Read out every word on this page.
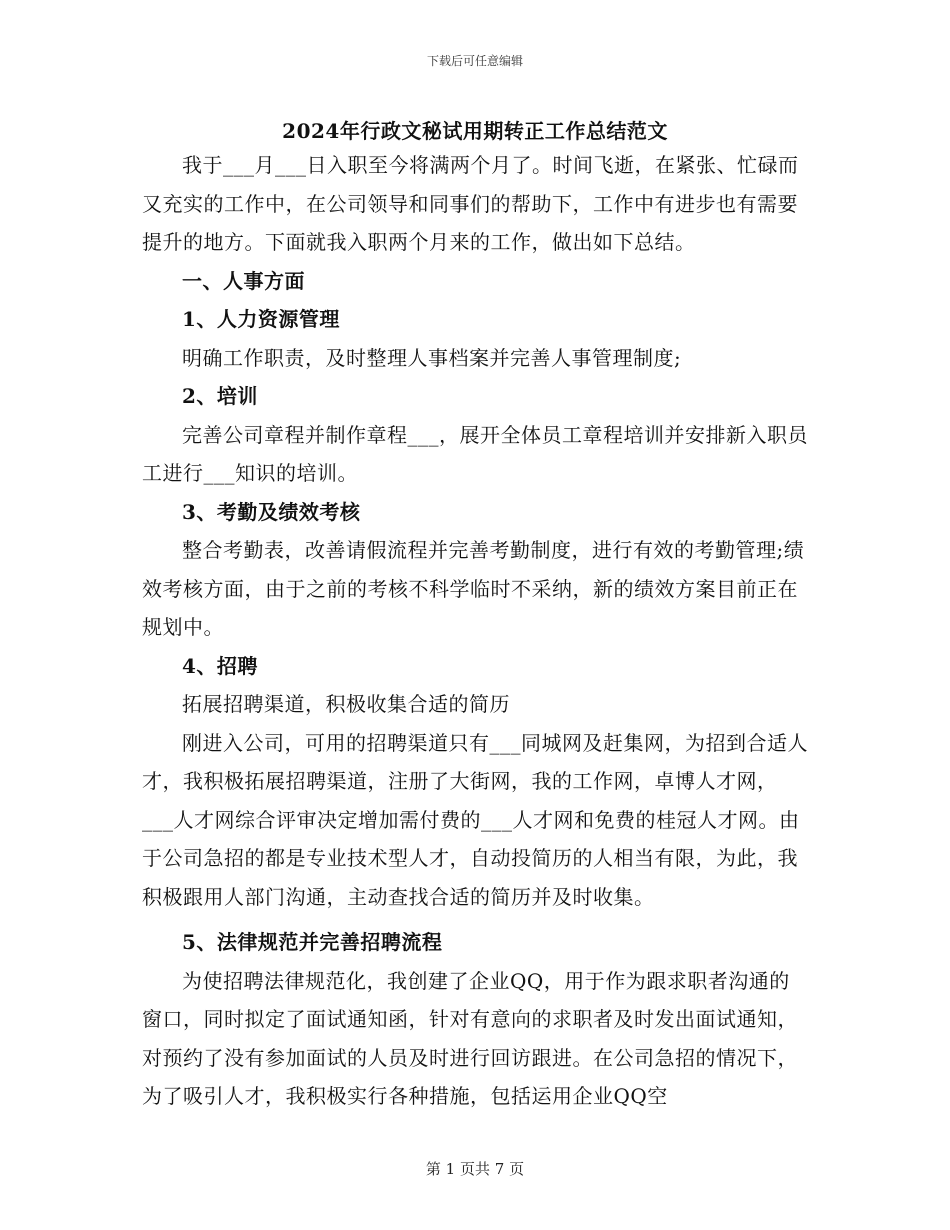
下载后可任意编辑
2024年行政文秘试用期转正工作总结范文

我于___月___日入职至今将满两个月了。时间飞逝，在紧张、忙碌而又充实的工作中，在公司领导和同事们的帮助下，工作中有进步也有需要提升的地方。下面就我入职两个月来的工作，做出如下总结。

一、人事方面

1、人力资源管理

明确工作职责，及时整理人事档案并完善人事管理制度;

2、培训

完善公司章程并制作章程___，展开全体员工章程培训并安排新入职员工进行___知识的培训。

3、考勤及绩效考核

整合考勤表，改善请假流程并完善考勤制度，进行有效的考勤管理;绩效考核方面，由于之前的考核不科学临时不采纳，新的绩效方案目前正在规划中。

4、招聘

拓展招聘渠道，积极收集合适的简历

刚进入公司，可用的招聘渠道只有___同城网及赶集网，为招到合适人才，我积极拓展招聘渠道，注册了大街网，我的工作网，卓博人才网，___人才网综合评审决定增加需付费的___人才网和免费的桂冠人才网。由于公司急招的都是专业技术型人才，自动投简历的人相当有限，为此，我积极跟用人部门沟通，主动查找合适的简历并及时收集。

5、法律规范并完善招聘流程

为使招聘法律规范化，我创建了企业QQ，用于作为跟求职者沟通的窗口，同时拟定了面试通知函，针对有意向的求职者及时发出面试通知，对预约了没有参加面试的人员及时进行回访跟进。在公司急招的情况下，为了吸引人才，我积极实行各种措施，包括运用企业QQ空

第 1 页共 7 页
